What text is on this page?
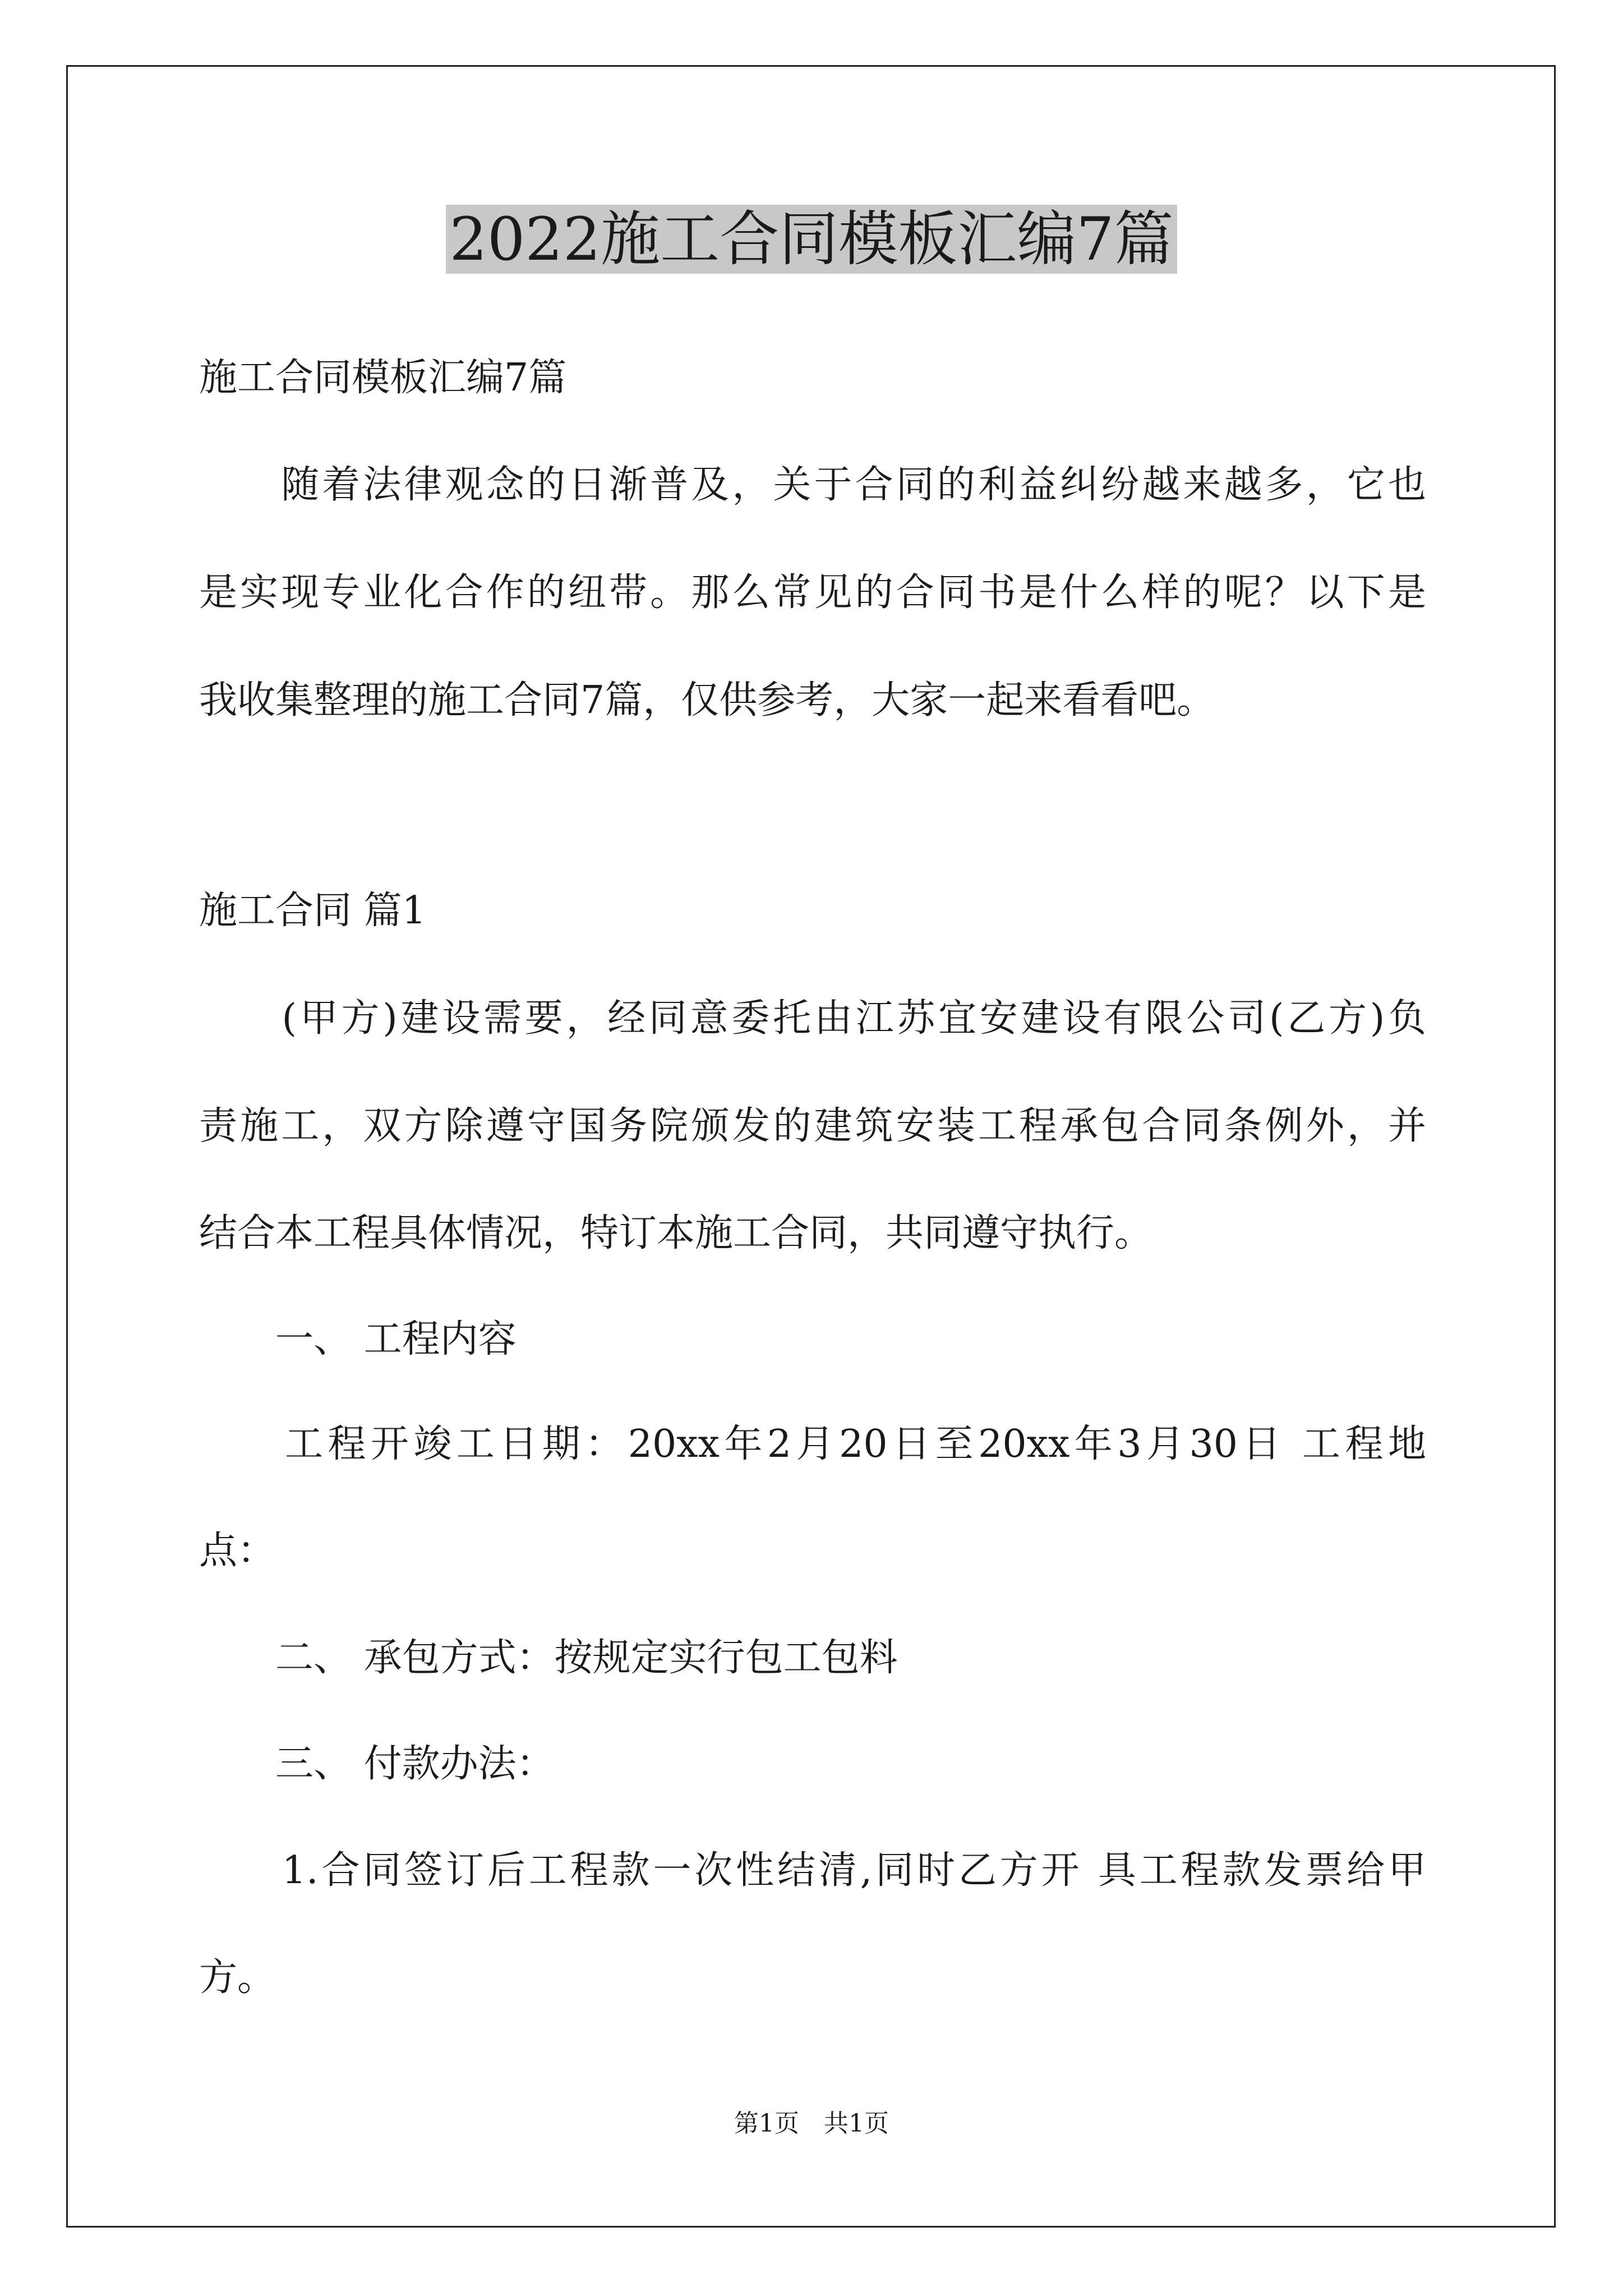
2022施工合同模板汇编7篇
施工合同模板汇编7篇
　　随着法律观念的日渐普及，关于合同的利益纠纷越来越多，它也
是实现专业化合作的纽带。那么常见的合同书是什么样的呢？以下是
我收集整理的施工合同7篇，仅供参考，大家一起来看看吧。
施工合同 篇1
　　(甲方)建设需要，经同意委托由江苏宜安建设有限公司(乙方)负
责施工，双方除遵守国务院颁发的建筑安装工程承包合同条例外，并
结合本工程具体情况，特订本施工合同，共同遵守执行。
　　一、 工程内容
　　工程开竣工日期：20xx年2月20日至20xx年3月30日 工程地
点：
　　二、 承包方式：按规定实行包工包料
　　三、 付款办法：
　　1.合同签订后工程款一次性结清,同时乙方开 具工程款发票给甲
方。
第1页　共1页
